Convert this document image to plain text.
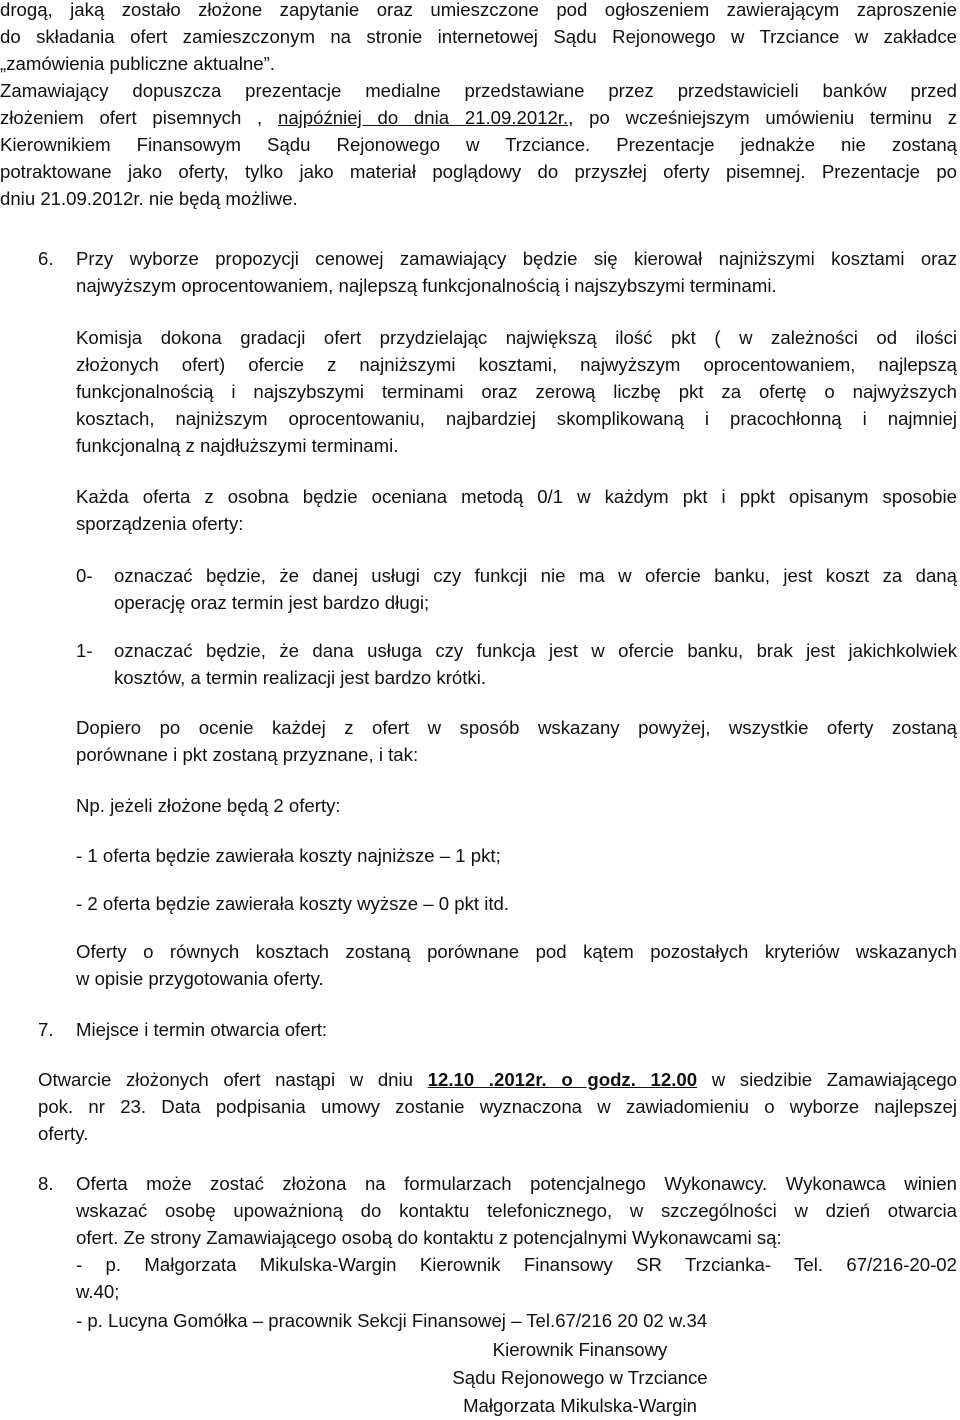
drogą, jaką zostało złożone zapytanie oraz umieszczone pod ogłoszeniem zawierającym zaproszenie

do składania ofert zamieszczonym na stronie internetowej Sądu Rejonowego w Trzciance w zakładce

„zamówienia publiczne aktualne”.

Zamawiający dopuszcza prezentacje medialne przedstawiane przez przedstawicieli banków przed

złożeniem ofert pisemnych , najpóźniej do dnia 21.09.2012r., po wcześniejszym umówieniu terminu z

Kierownikiem Finansowym Sądu Rejonowego w Trzciance. Prezentacje jednakże nie zostaną

potraktowane jako oferty, tylko jako materiał poglądowy do przyszłej oferty pisemnej. Prezentacje po

dniu 21.09.2012r. nie będą możliwe.

6. Przy wyborze propozycji cenowej zamawiający będzie się kierował najniższymi kosztami oraz

najwyższym oprocentowaniem, najlepszą funkcjonalnością i najszybszymi terminami.

Komisja dokona gradacji ofert przydzielając największą ilość pkt ( w zależności od ilości

złożonych ofert) ofercie z najniższymi kosztami, najwyższym oprocentowaniem, najlepszą

funkcjonalnością i najszybszymi terminami oraz zerową liczbę pkt za ofertę o najwyższych

kosztach, najniższym oprocentowaniu, najbardziej skomplikowaną i pracochłonną i najmniej

funkcjonalną z najdłuższymi terminami.

Każda oferta z osobna będzie oceniana metodą 0/1 w każdym pkt i ppkt opisanym sposobie

sporządzenia oferty:

0- oznaczać będzie, że danej usługi czy funkcji nie ma w ofercie banku, jest koszt za daną

operację oraz termin jest bardzo długi;

1- oznaczać będzie, że dana usługa czy funkcja jest w ofercie banku, brak jest jakichkolwiek

kosztów, a termin realizacji jest bardzo krótki.

Dopiero po ocenie każdej z ofert w sposób wskazany powyżej, wszystkie oferty zostaną

porównane i pkt zostaną przyznane, i tak:

Np. jeżeli złożone będą 2 oferty:

- 1 oferta będzie zawierała koszty najniższe – 1 pkt;

- 2 oferta będzie zawierała koszty wyższe – 0 pkt itd.

Oferty o równych kosztach zostaną porównane pod kątem pozostałych kryteriów wskazanych

w opisie przygotowania oferty.

7. Miejsce i termin otwarcia ofert:

Otwarcie złożonych ofert nastąpi w dniu 12.10 .2012r. o godz. 12.00 w siedzibie Zamawiającego

pok. nr 23. Data podpisania umowy zostanie wyznaczona w zawiadomieniu o wyborze najlepszej

oferty.

8. Oferta może zostać złożona na formularzach potencjalnego Wykonawcy. Wykonawca winien

wskazać osobę upoważnioną do kontaktu telefonicznego, w szczególności w dzień otwarcia

ofert. Ze strony Zamawiającego osobą do kontaktu z potencjalnymi Wykonawcami są:

- p. Małgorzata Mikulska-Wargin Kierownik Finansowy SR Trzcianka- Tel. 67/216-20-02

w.40;

- p. Lucyna Gomółka – pracownik Sekcji Finansowej – Tel.67/216 20 02 w.34

Kierownik Finansowy

Sądu Rejonowego w Trzciance

Małgorzata Mikulska-Wargin
